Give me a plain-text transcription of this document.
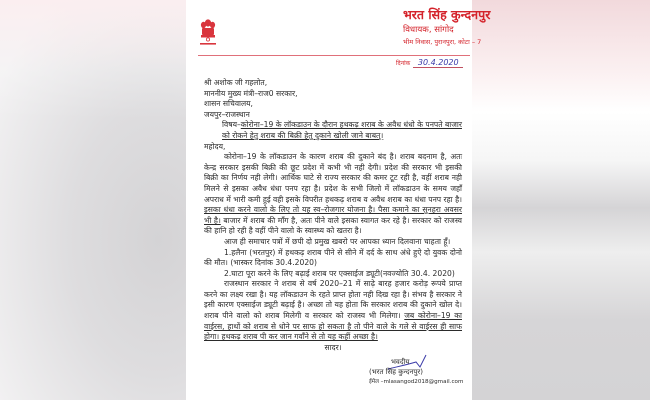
भरत सिंह कुन्दनपुर
विधायक, सांगोद
भीम निवास, पुरानपुरा, कोटा – 7
दिनांक 30.4.2020
श्री अशोक जी गहलोत,
माननीय मुख्य मंत्री–राज0 सरकार,
शासन सचिवालय,
जयपुर–राजस्थान
विषय–कोरोना–19 के लॉकडाउन के दौरान हथकढ़ शराब के अवैध धंधो के पनपते बाजार को रोकने हेतु शराब की बिक्री हेतु दुकाने खोली जाने बाबत्।
महोदय,

कोरोना–19 के लॉकडाउन के कारण शराब की दुकाने बंद है। शराब बदनाम है, अतः केन्द्र सरकार इसकी बिक्री की छूट प्रदेश में कभी भी नही देगी। प्रदेश की सरकार भी इसकी बिक्री का निर्णय नही लेगी। आर्थिक घाटे से राज्य सरकार की कमर टूट रही है, वहीं शराब नही मिलने से इसका अवैध धंधा पनप रहा है। प्रदेश के सभी जिलो में लॉकडाउन के समय जहाँ अपराध में भारी कमी हुई वही इसके विपरीत हथकढ़ शराब व अवैध शराब का धंधा पनप रहा है। इसका धंधा करने वालो के लिए तो यह स्व–रोजगार योजना है। पैसा कमाने का सुनहरा अवसर भी है। बाजार में शराब की माँग है, अतः पीने वाले इसका स्वागत कर रहे है। सरकार को राजस्व की हानि हो रही है वहीं पीने वालो के स्वास्थ्य को खतरा है।

आज ही समाचार पत्रों में छपी दो प्रमुख खबरो पर आपका ध्यान दिलवाना चाहता हूँ।

1.हलैना (भरतपुर) में हथकढ़ शराब पीने से सीने में दर्द के साथ अंधे हुऐ दो युवक दोनो की मौत। (भास्कर दिनांक 30.4.2020)

2.घाटा पूरा करने के लिए बढ़ाई शराब पर एक्साईज ड्यूटी(नवज्योति 30.4. 2020)

राजस्थान सरकार ने शराब से वर्ष 2020–21 में साढ़े बारह हजार करोड़ रूपये प्राप्त करने का लक्ष्य रखा है। यह लॉकडाउन के रहते प्राप्त होता नही दिख रहा है। संभव है सरकार ने इसी कारण एक्साईज ड्यूटी बढ़ाई है। अच्छा तो यह होता कि सरकार शराब की दुकाने खोल दे। शराब पीने वालो को शराब मिलेगी व सरकार को राजस्व भी मिलेगा। जब कोरोना–19 का वाईरस, हाथों को शराब से धोने पर साफ हो सकता है तो पीने वाले के गले से वाईरस ही साफ होगा। हथकढ़ शराब पी कर जान गवाँने से तो यह कहीं अच्छा है।

सादर।
भवदीय
(भरत सिंह कुन्दनपुर)
ईमेल –mlasangod2018@gmail.com
